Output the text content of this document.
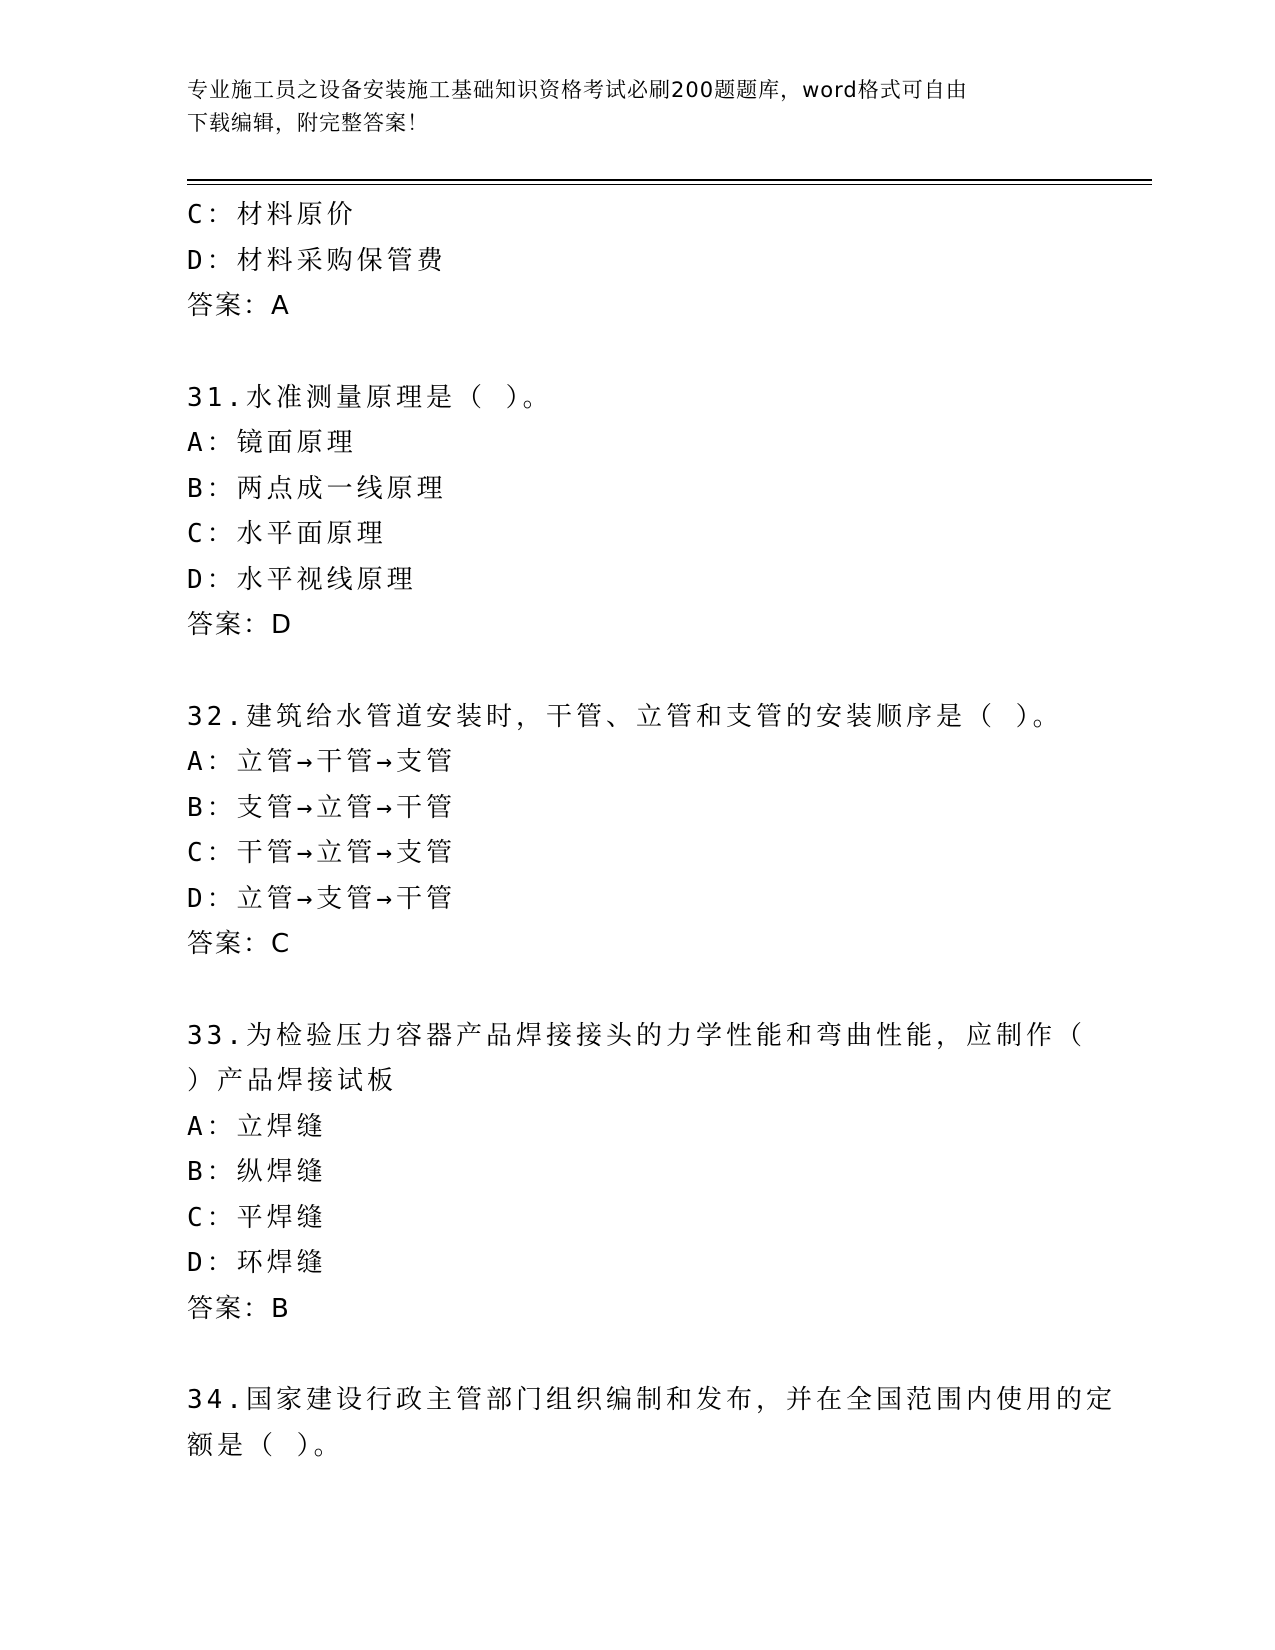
专业施工员之设备安装施工基础知识资格考试必刷200题题库，word格式可自由
下载编辑，附完整答案！
C：材料原价
D：材料采购保管费
答案：A
31.水准测量原理是（ ）。
A：镜面原理
B：两点成一线原理
C：水平面原理
D：水平视线原理
答案：D
32.建筑给水管道安装时，干管、立管和支管的安装顺序是（ ）。
A：立管→干管→支管
B：支管→立管→干管
C：干管→立管→支管
D：立管→支管→干管
答案：C
33.为检验压力容器产品焊接接头的力学性能和弯曲性能，应制作（
）产品焊接试板
A：立焊缝
B：纵焊缝
C：平焊缝
D：环焊缝
答案：B
34.国家建设行政主管部门组织编制和发布，并在全国范围内使用的定
额是（ ）。
